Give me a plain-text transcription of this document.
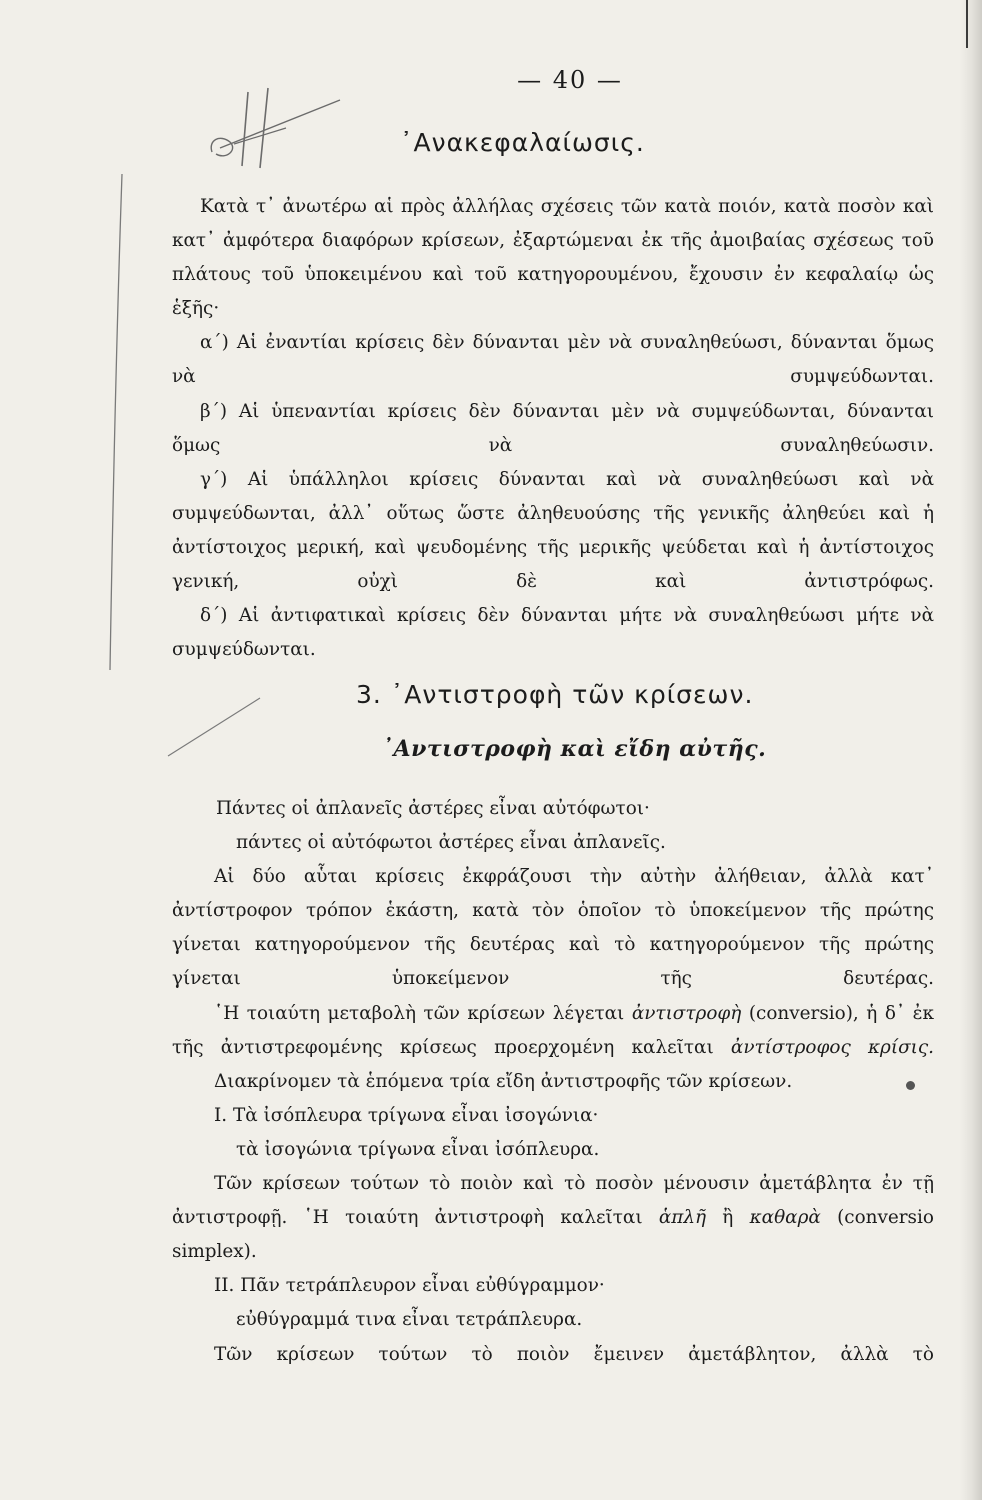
— 40 —
᾿Ανακεφαλαίωσις.

Κατὰ τ᾿ ἀνωτέρω αἱ πρὸς ἀλλήλας σχέσεις τῶν κατὰ ποιόν, κατὰ ποσὸν καὶ κατ᾿ ἀμφότερα διαφόρων κρίσεων, ἐξαρτώμεναι ἐκ τῆς ἀμοιβαίας σχέσεως τοῦ πλάτους τοῦ ὑποκειμένου καὶ τοῦ κατηγορουμένου, ἔχουσιν ἐν κεφαλαίῳ ὡς ἑξῆς·

α΄) Αἱ ἐναντίαι κρίσεις δὲν δύνανται μὲν νὰ συναληθεύωσι, δύνανται ὅμως νὰ συμψεύδωνται.

β΄) Αἱ ὑπεναντίαι κρίσεις δὲν δύνανται μὲν νὰ συμψεύδωνται, δύνανται ὅμως νὰ συναληθεύωσιν.

γ΄) Αἱ ὑπάλληλοι κρίσεις δύνανται καὶ νὰ συναληθεύωσι καὶ νὰ συμψεύδωνται, ἀλλ᾿ οὕτως ὥστε ἀληθευούσης τῆς γενικῆς ἀληθεύει καὶ ἡ ἀντίστοιχος μερική, καὶ ψευδομένης τῆς μερικῆς ψεύδεται καὶ ἡ ἀντίστοιχος γενική, οὐχὶ δὲ καὶ ἀντιστρόφως.

δ΄) Αἱ ἀντιφατικαὶ κρίσεις δὲν δύνανται μήτε νὰ συναληθεύωσι μήτε νὰ συμψεύδωνται.

3. ᾿Αντιστροφὴ τῶν κρίσεων.
᾿Αντιστροφὴ καὶ εἴδη αὐτῆς.

Πάντες οἱ ἀπλανεῖς ἀστέρες εἶναι αὐτόφωτοι·

πάντες οἱ αὐτόφωτοι ἀστέρες εἶναι ἀπλανεῖς.

Αἱ δύο αὗται κρίσεις ἐκφράζουσι τὴν αὐτὴν ἀλήθειαν, ἀλλὰ κατ᾿ ἀντίστροφον τρόπον ἑκάστη, κατὰ τὸν ὁποῖον τὸ ὑποκείμενον τῆς πρώτης γίνεται κατηγορούμενον τῆς δευτέρας καὶ τὸ κατηγορούμενον τῆς πρώτης γίνεται ὑποκείμενον τῆς δευτέρας.

῾Η τοιαύτη μεταβολὴ τῶν κρίσεων λέγεται ἀντιστροφὴ (conversio), ἡ δ᾿ ἐκ τῆς ἀντιστρεφομένης κρίσεως προερχομένη καλεῖται ἀντίστροφος κρίσις.

Διακρίνομεν τὰ ἑπόμενα τρία εἴδη ἀντιστροφῆς τῶν κρίσεων.

I. Τὰ ἰσόπλευρα τρίγωνα εἶναι ἰσογώνια·

τὰ ἰσογώνια τρίγωνα εἶναι ἰσόπλευρα.

Τῶν κρίσεων τούτων τὸ ποιὸν καὶ τὸ ποσὸν μένουσιν ἀμετάβλητα ἐν τῇ ἀντιστροφῇ. ῾Η τοιαύτη ἀντιστροφὴ καλεῖται ἁπλῆ ἢ καθαρὰ (conversio simplex).

II. Πᾶν τετράπλευρον εἶναι εὐθύγραμμον·

εὐθύγραμμά τινα εἶναι τετράπλευρα.

Τῶν κρίσεων τούτων τὸ ποιὸν ἔμεινεν ἀμετάβλητον, ἀλλὰ τὸ
